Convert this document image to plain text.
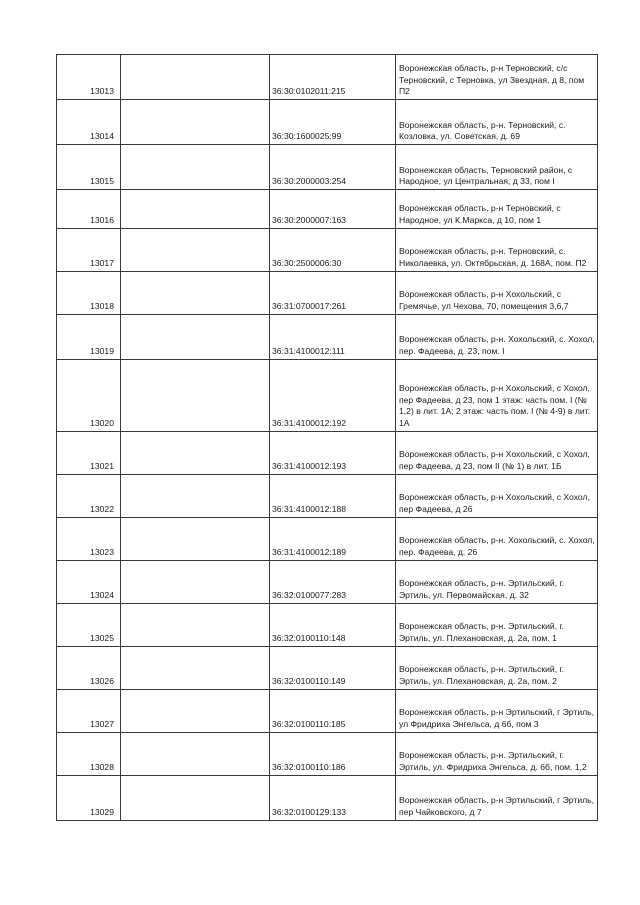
13013		36:30:0102011:215	Воронежская область, р-н Терновский, с/с Терновский, с Терновка, ул Звездная, д 8, пом П2

13014		36:30:1600025:99	Воронежская область, р-н. Терновский, с. Козловка, ул. Советская, д. 69

13015		36:30:2000003:254	Воронежская область, Терновский район, с Народное, ул Центральная, д 33, пом I

13016		36:30:2000007:163	Воронежская область, р-н Терновский, с Народное, ул К.Маркса, д 10, пом 1

13017		36:30:2500006:30	Воронежская область, р-н. Терновский, с. Николаевка, ул. Октябрьская, д. 168А, пом. П2

13018		36:31:0700017:261	Воронежская область, р-н Хохольский, с Гремячье, ул Чехова, 70, помещения 3,6,7

13019		36:31:4100012:111	Воронежская область, р-н. Хохольский, с. Хохол, пер. Фадеева, д. 23, пом. I

13020		36:31:4100012:192	Воронежская область, р-н Хохольский, с Хохол, пер Фадеева, д 23, пом 1 этаж: часть пом. I (№ 1,2) в лит. 1А; 2 этаж: часть пом. I (№ 4-9) в лит. 1А

13021		36:31:4100012:193	Воронежская область, р-н Хохольский, с Хохол, пер Фадеева, д 23, пом II (№ 1) в лит. 1Б

13022		36:31:4100012:188	Воронежская область, р-н Хохольский, с Хохол, пер Фадеева, д 26

13023		36:31:4100012:189	Воронежская область, р-н. Хохольский, с. Хохол, пер. Фадеева, д. 26

13024		36:32:0100077:283	Воронежская область, р-н. Эртильский, г. Эртиль, ул. Первомайская, д. 32

13025		36:32:0100110:148	Воронежская область, р-н. Эртильский, г. Эртиль, ул. Плехановская, д. 2а, пом. 1

13026		36:32:0100110:149	Воронежская область, р-н. Эртильский, г. Эртиль, ул. Плехановская, д. 2а, пом. 2

13027		36:32:0100110:185	Воронежская область, р-н Эртильский, г Эртиль, ул Фридриха Энгельса, д 6б, пом 3

13028		36:32:0100110:186	Воронежская область, р-н. Эртильский, г. Эртиль, ул. Фридриха Энгельса, д. 6б, пом. 1,2

13029		36:32:0100129:133	Воронежская область, р-н Эртильский, г Эртиль, пер Чайковского, д 7
